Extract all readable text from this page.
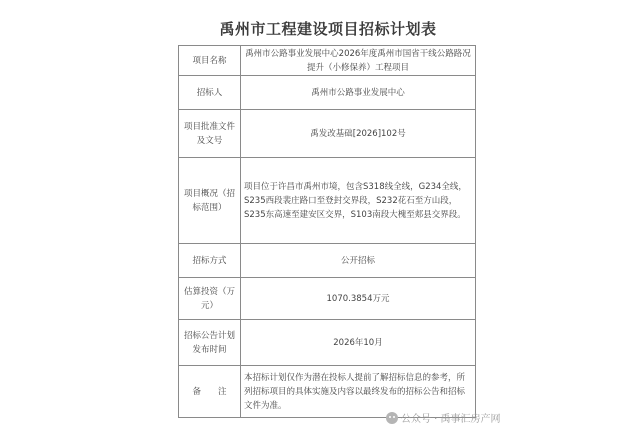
禹州市工程建设项目招标计划表
项目名称	禹州市公路事业发展中心2026年度禹州市国省干线公路路况提升（小修保养）工程项目
招标人	禹州市公路事业发展中心
项目批准文件及文号	禹发改基础[2026]102号
项目概况（招标范围）	项目位于许昌市禹州市境，包含S318线全线，G234全线，S235西段裴庄路口至登封交界段，S232花石至方山段，S235东高速至建安区交界，S103南段大槐至郏县交界段。
招标方式	公开招标
估算投资（万元）	1070.3854万元
招标公告计划发布时间	2026年10月
备　　注	本招标计划仅作为潜在投标人提前了解招标信息的参考，所列招标项目的具体实施及内容以最终发布的招标公告和招标文件为准。
公众号 · 禹事汇房产网
